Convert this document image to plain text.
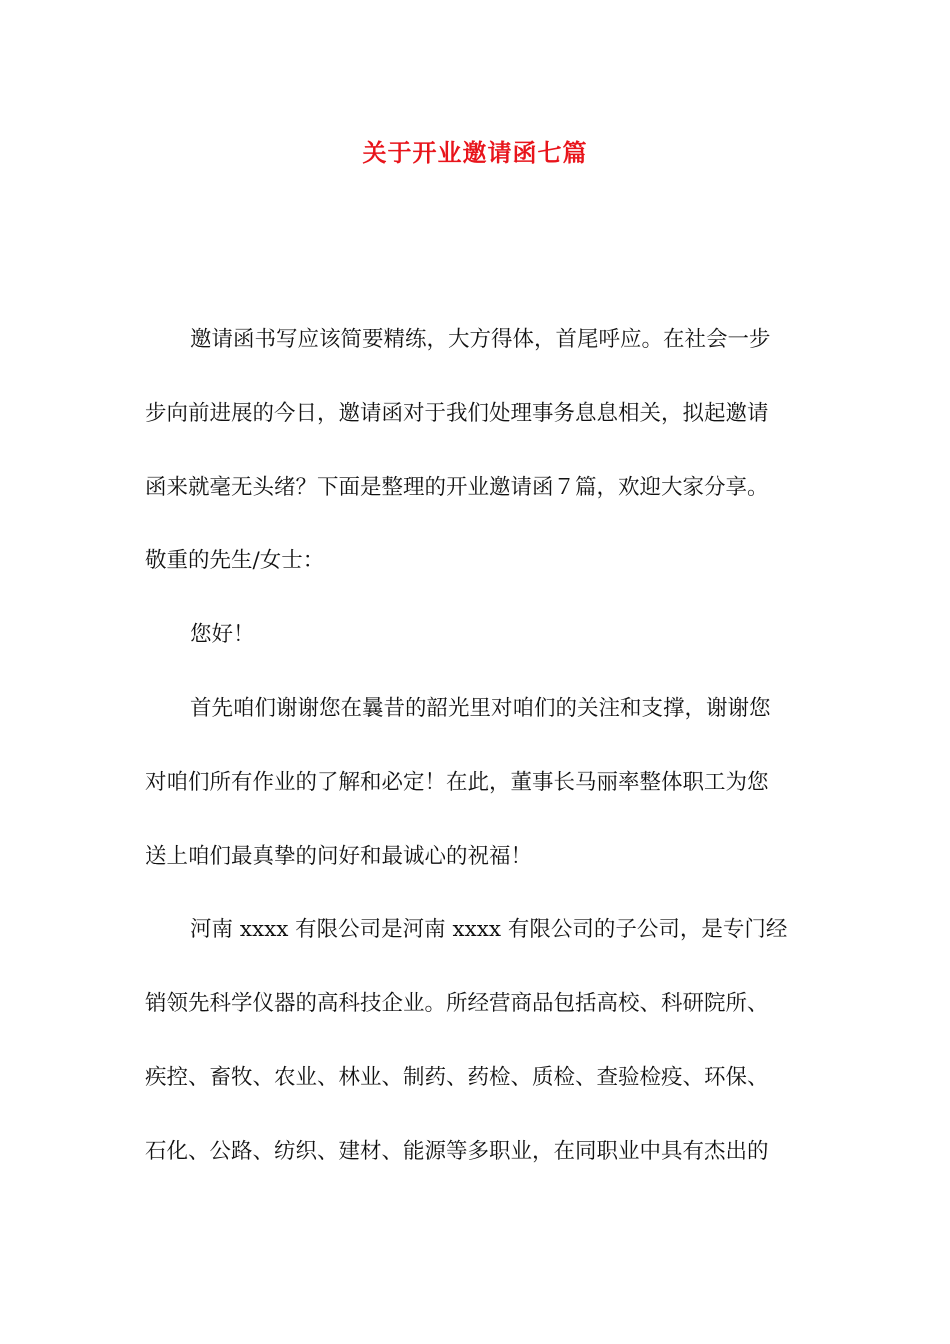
关于开业邀请函七篇
邀请函书写应该简要精练，大方得体，首尾呼应。在社会一步
步向前进展的今日，邀请函对于我们处理事务息息相关，拟起邀请
函来就毫无头绪？下面是整理的开业邀请函７篇，欢迎大家分享。
敬重的先生/女士：
您好！
首先咱们谢谢您在曩昔的韶光里对咱们的关注和支撑，谢谢您
对咱们所有作业的了解和必定！在此，董事长马丽率整体职工为您
送上咱们最真挚的问好和最诚心的祝福！
河南 xxxx 有限公司是河南 xxxx 有限公司的子公司，是专门经
销领先科学仪器的高科技企业。所经营商品包括高校、科研院所、
疾控、畜牧、农业、林业、制药、药检、质检、查验检疫、环保、
石化、公路、纺织、建材、能源等多职业，在同职业中具有杰出的
